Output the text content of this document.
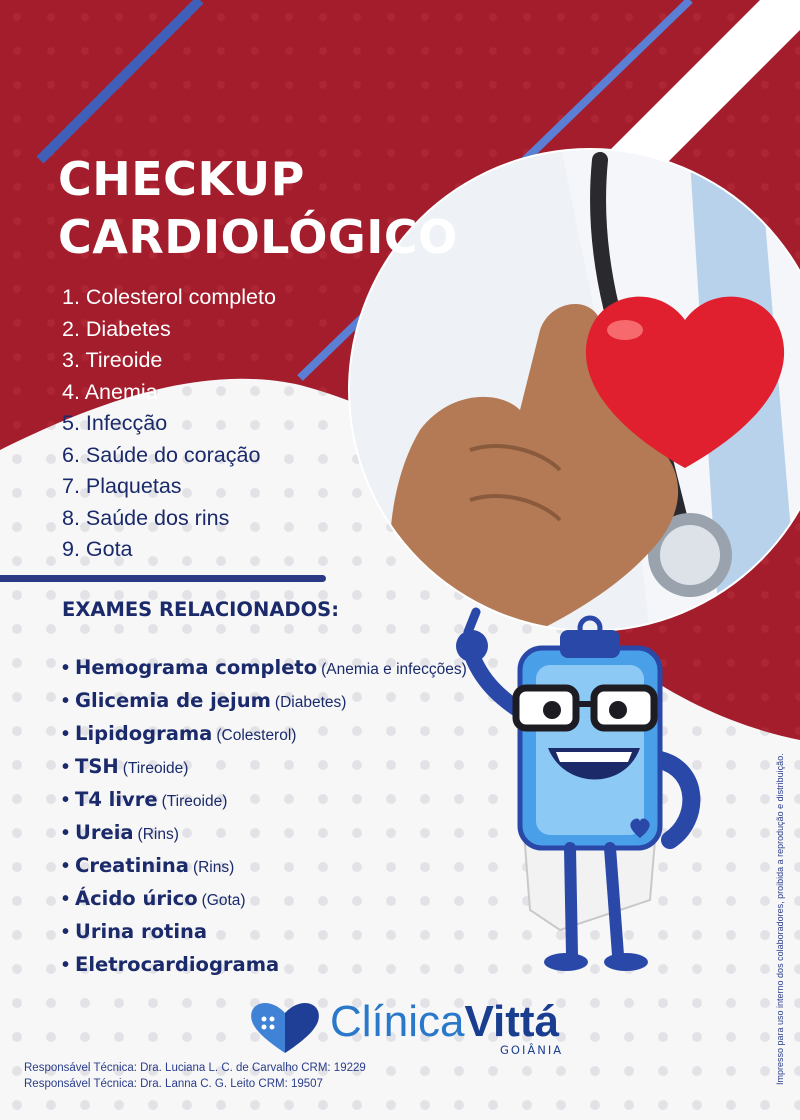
CHECKUP
CARDIOLÓGICO
1. Colesterol completo
2. Diabetes
3. Tireoide
4. Anemia
5. Infecção
6. Saúde do coração
7. Plaquetas
8. Saúde dos rins
9. Gota
EXAMES RELACIONADOS:
• Hemograma completo (Anemia e infecções)
• Glicemia de jejum (Diabetes)
• Lipidograma (Colesterol)
• TSH (Tireoide)
• T4 livre (Tireoide)
• Ureia (Rins)
• Creatinina (Rins)
• Ácido úrico (Gota)
• Urina rotina
• Eletrocardiograma
ClínicaVittá
GOIÂNIA
Responsável Técnica: Dra. Luciana L. C. de Carvalho CRM: 19229
Responsável Técnica: Dra. Lanna C. G. Leito CRM: 19507	Impresso para uso interno dos colaboradores, proibida a reprodução e distribuição.
